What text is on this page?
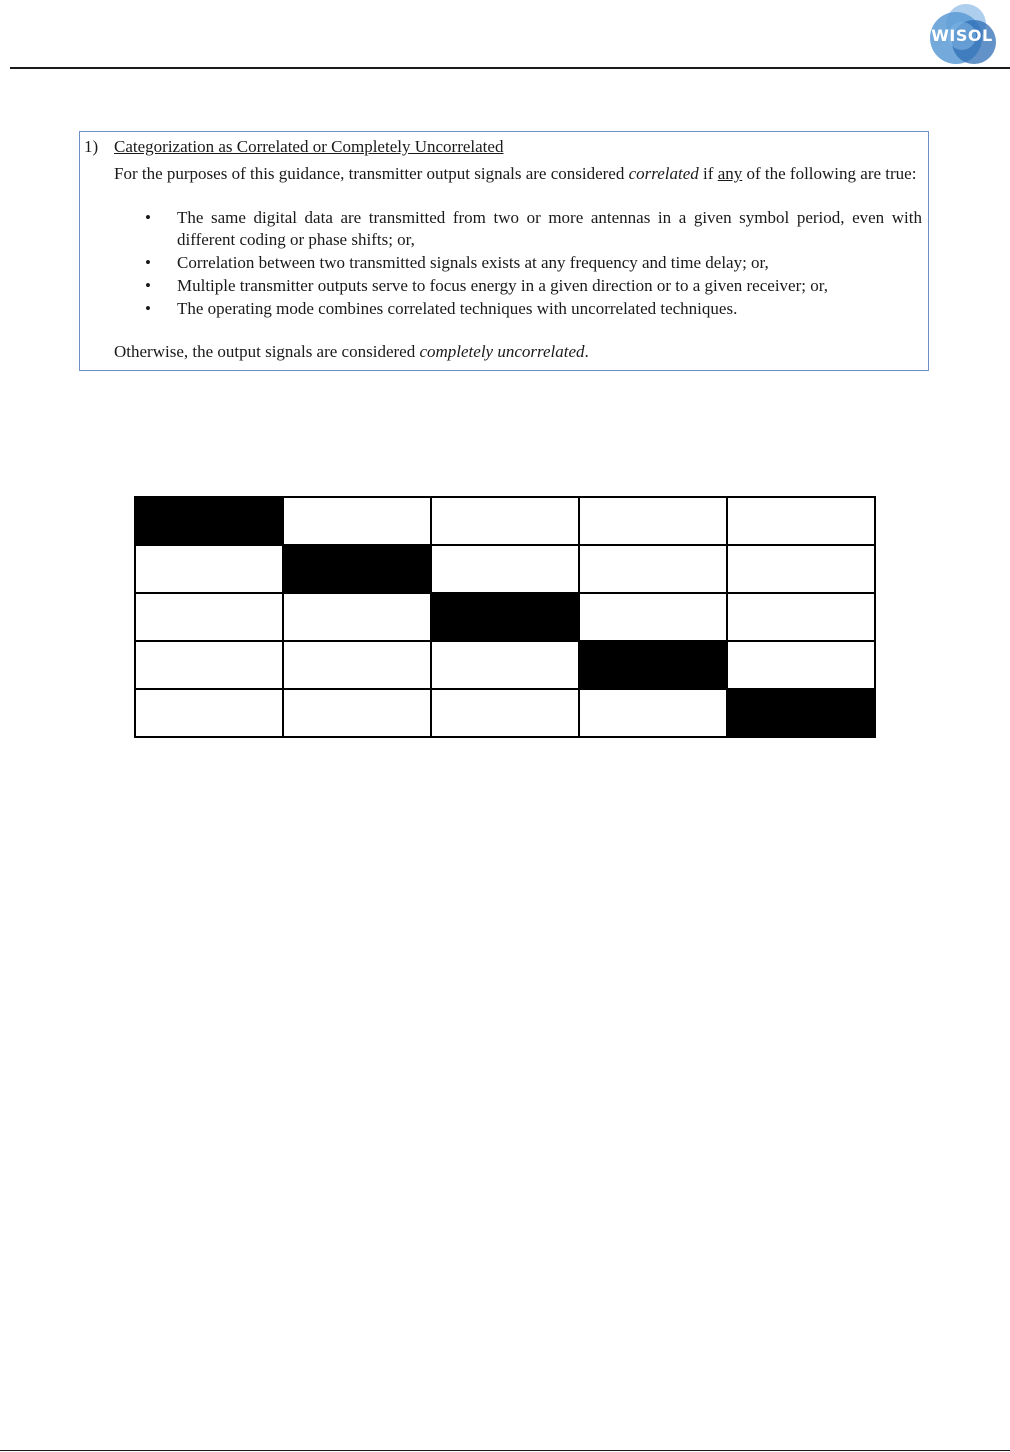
WISOL
1) Categorization as Correlated or Completely Uncorrelated
For the purposes of this guidance, transmitter output signals are considered correlated if any of the following are true:
• The same digital data are transmitted from two or more antennas in a given symbol period, even with different coding or phase shifts; or,
• Correlation between two transmitted signals exists at any frequency and time delay; or,
• Multiple transmitter outputs serve to focus energy in a given direction or to a given receiver; or,
• The operating mode combines correlated techniques with uncorrelated techniques.
Otherwise, the output signals are considered completely uncorrelated.
